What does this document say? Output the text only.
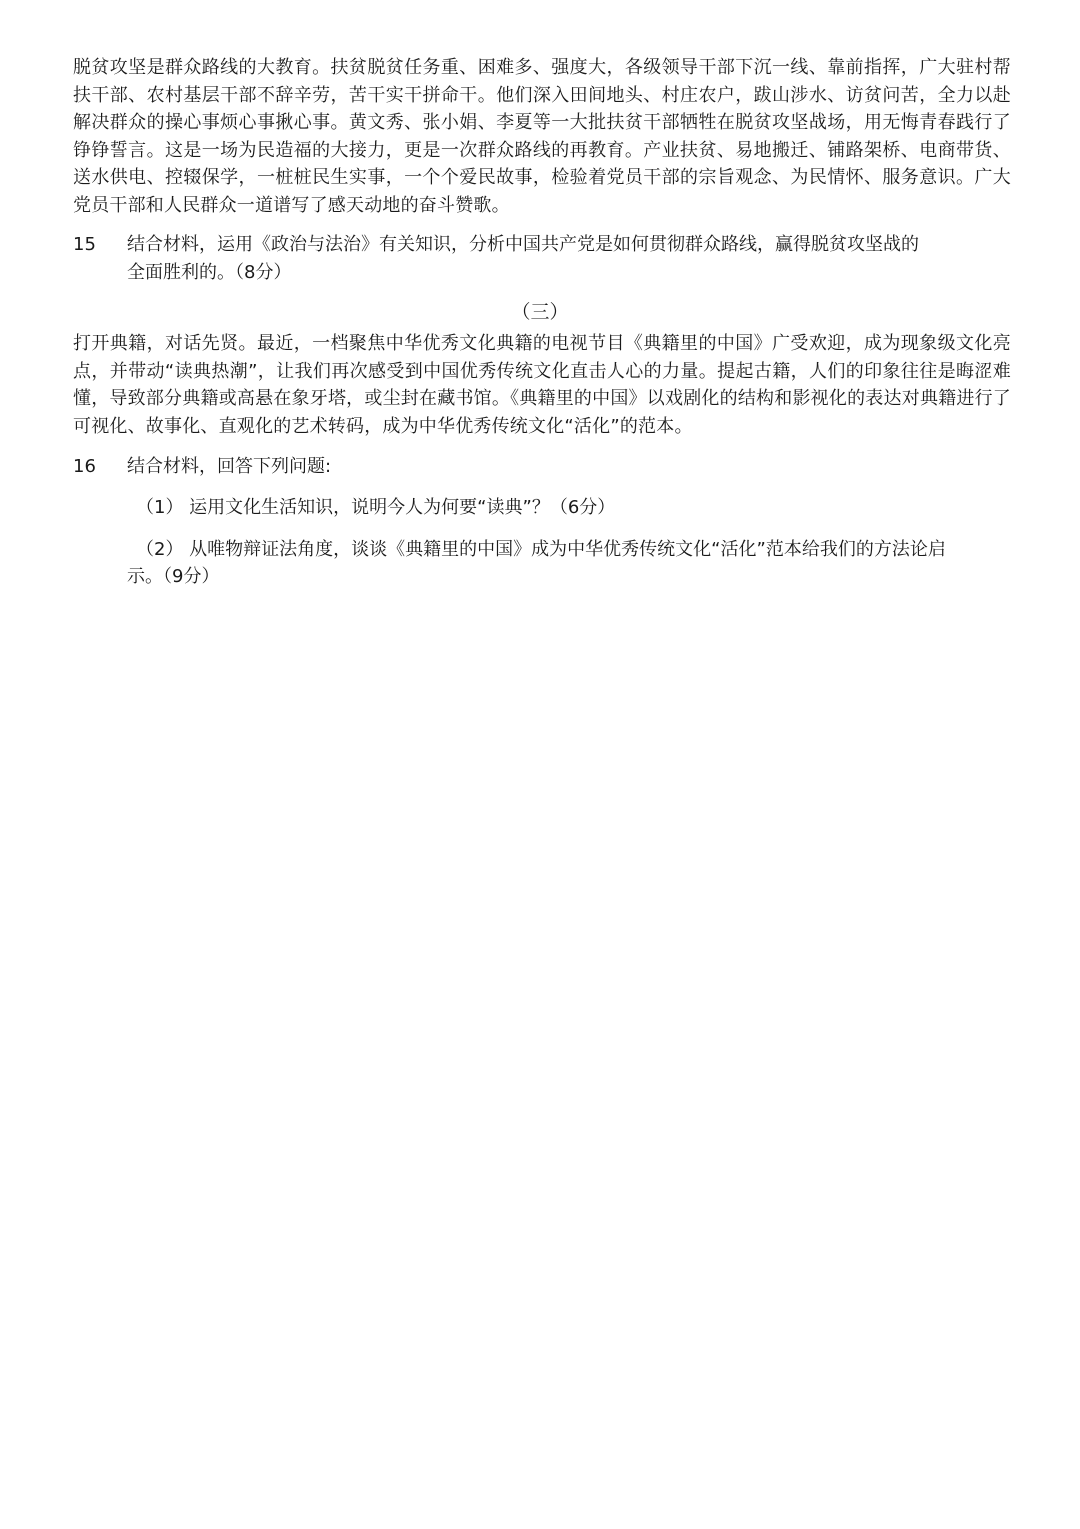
脱贫攻坚是群众路线的大教育。扶贫脱贫任务重、困难多、强度大，各级领导干部下沉一线、靠前指挥，广大驻村帮扶干部、农村基层干部不辞辛劳，苦干实干拼命干。他们深入田间地头、村庄农户，跋山涉水、访贫问苦，全力以赴解决群众的操心事烦心事揪心事。黄文秀、张小娟、李夏等一大批扶贫干部牺牲在脱贫攻坚战场，用无悔青春践行了铮铮誓言。这是一场为民造福的大接力，更是一次群众路线的再教育。产业扶贫、易地搬迁、铺路架桥、电商带货、送水供电、控辍保学，一桩桩民生实事，一个个爱民故事，检验着党员干部的宗旨观念、为民情怀、服务意识。广大党员干部和人民群众一道谱写了感天动地的奋斗赞歌。
15 结合材料，运用《政治与法治》有关知识，分析中国共产党是如何贯彻群众路线，赢得脱贫攻坚战的
全面胜利的。（8分）
（三）
打开典籍，对话先贤。最近，一档聚焦中华优秀文化典籍的电视节目《典籍里的中国》广受欢迎，成为现象级文化亮点，并带动“读典热潮”，让我们再次感受到中国优秀传统文化直击人心的力量。提起古籍，人们的印象往往是晦涩难懂，导致部分典籍或高悬在象牙塔，或尘封在藏书馆。《典籍里的中国》以戏剧化的结构和影视化的表达对典籍进行了可视化、故事化、直观化的艺术转码，成为中华优秀传统文化“活化”的范本。
16 结合材料，回答下列问题:
（1） 运用文化生活知识，说明今人为何要“读典”？（6分）
（2） 从唯物辩证法角度，谈谈《典籍里的中国》成为中华优秀传统文化“活化”范本给我们的方法论启
示。（9分）
